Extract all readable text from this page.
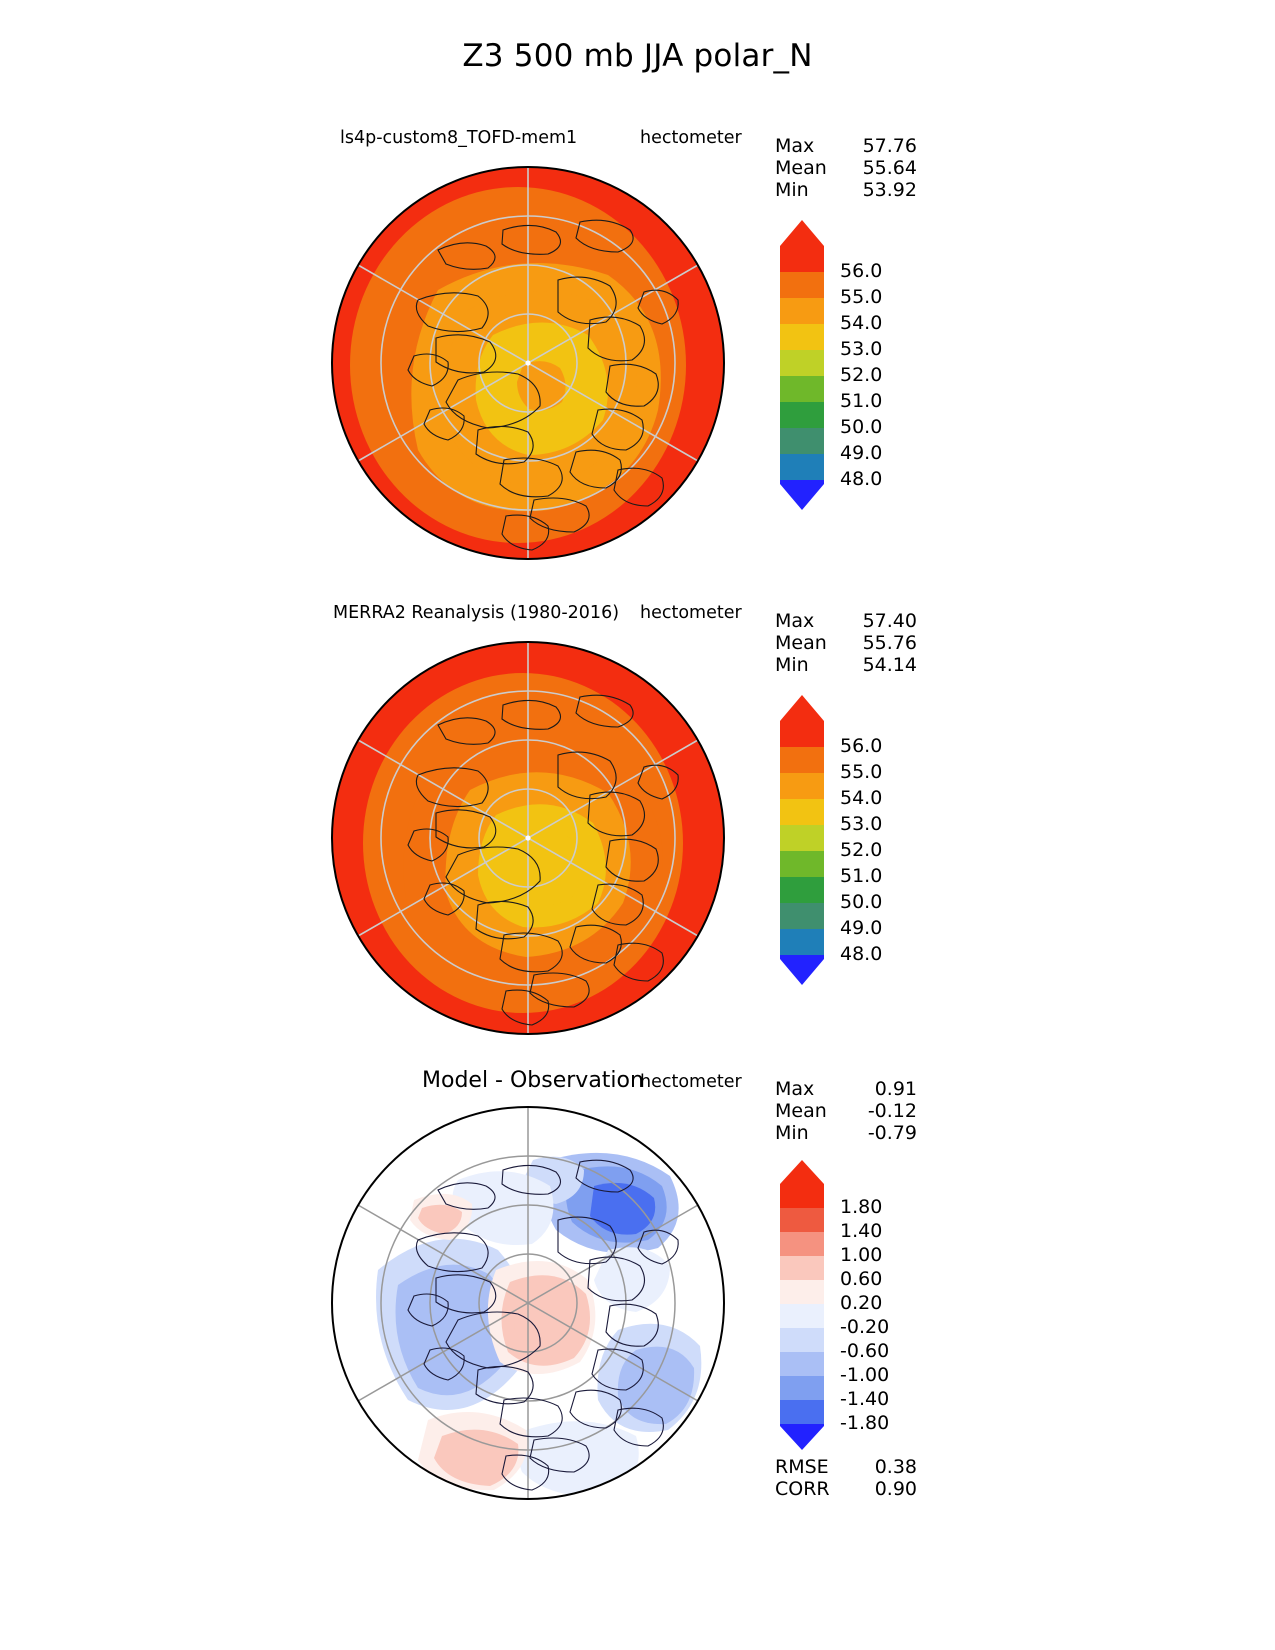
Z3 500 mb JJA polar_N
ls4p-custom8_TOFD-mem1	hectometer Max	57.76
Mean 55.64
Min	53.92
56.0
55.0
54.0
53.0
52.0
51.0
50.0
49.0
48.0
MERRA2 Reanalysis (1980-2016) hectometer Max	57.40
Mean 55.76
Min	54.14
56.0
55.0
54.0
53.0
52.0
51.0
50.0
49.0
48.0
Model - Observation
hectometer Max	0.91
Mean -0.12
Min	-0.79
1.80
1.40
1.00
0.60
0.20
-0.20
-0.60
-1.00
-1.40
-1.80
RMSE 0.38
CORR 0.90
